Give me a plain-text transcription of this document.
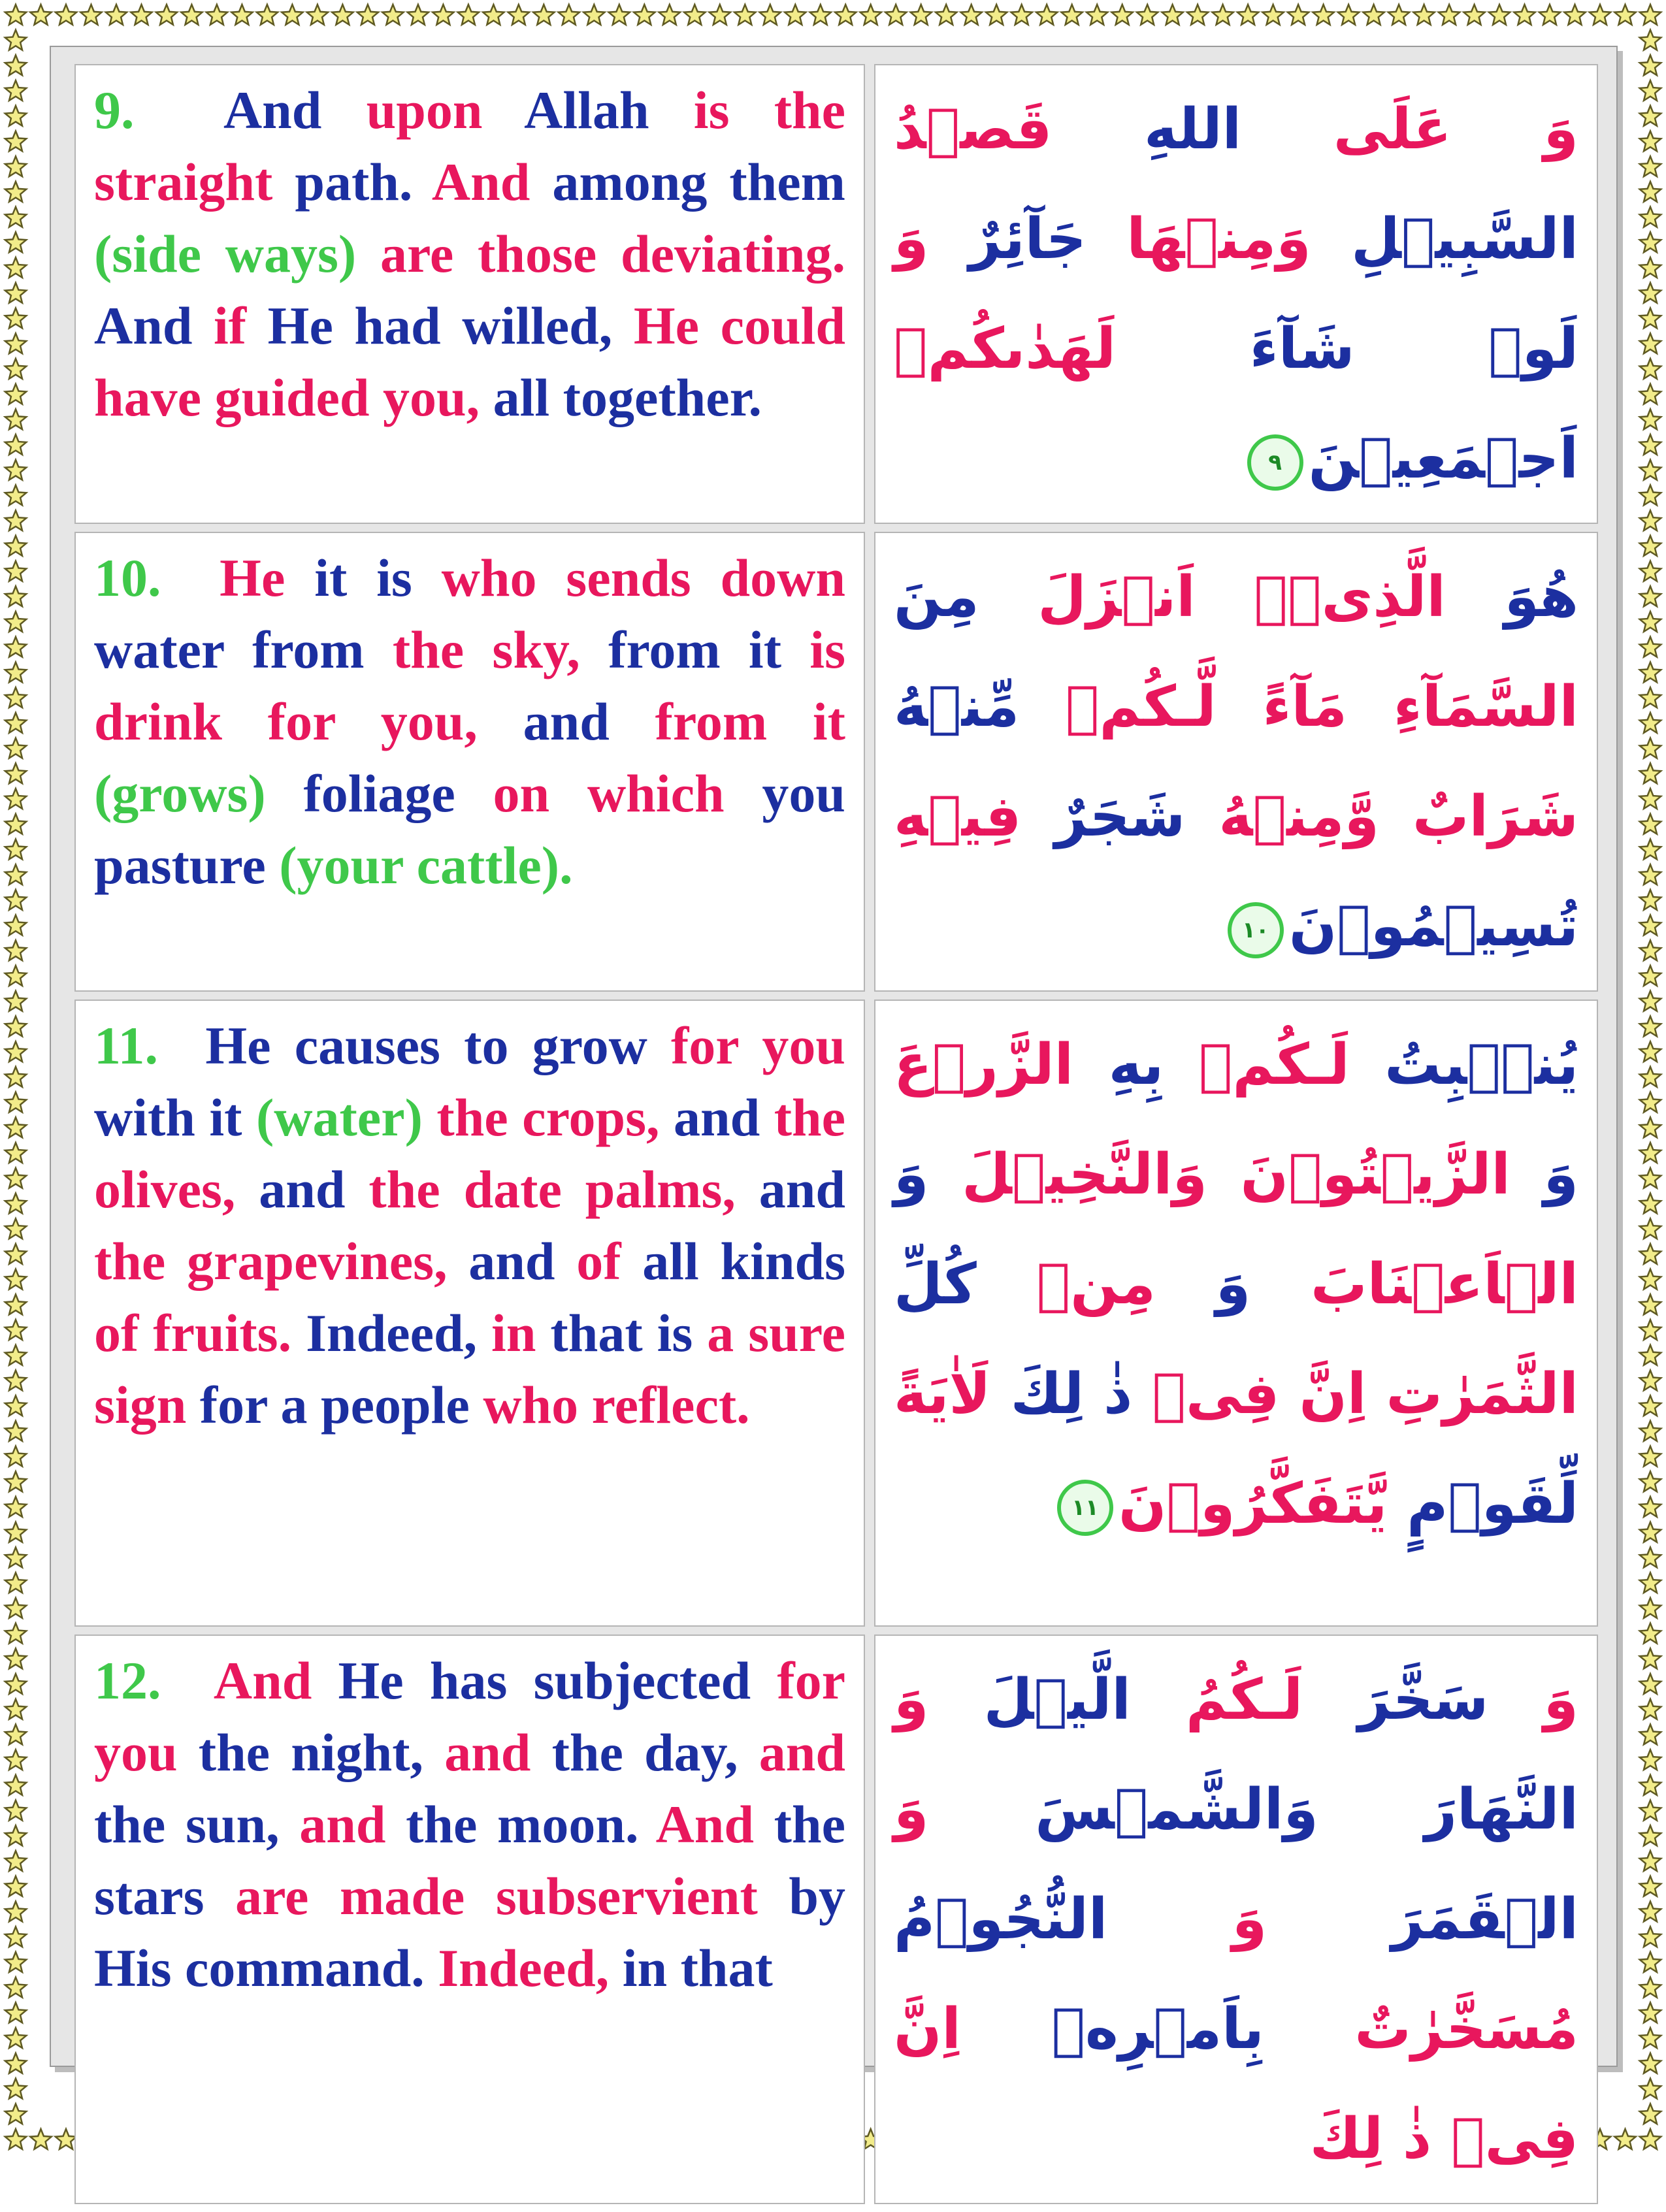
9.  And upon Allah is the straight path. And among them (side ways) are those deviating. And if He had willed, He could have guided you, all together.	وَ عَلَى اللهِ قَصۡدُ السَّبِيۡلِ وَمِنۡهَا جَآئِرٌ وَ لَوۡ شَآءَ لَهَدٰىكُمۡ اَجۡمَعِيۡنَ٩
10.  He it is who sends down water from the sky, from it is drink for you, and from it (grows) foliage on which you pasture (your cattle).	هُوَ الَّذِىۡۤ اَنۡزَلَ مِنَ السَّمَآءِ مَآءً لَّـكُمۡ مِّنۡهُ شَرَابٌ وَّمِنۡهُ شَجَرٌ فِيۡهِ تُسِيۡمُوۡنَ١٠
11.  He causes to grow for you with it (water) the crops, and the olives, and the date palms, and the grapevines, and of all kinds of fruits. Indeed, in that is a sure sign for a people who reflect.	يُنۡۢبِتُ لَـكُمۡ بِهِ الزَّرۡعَ وَ الزَّيۡتُوۡنَ وَالنَّخِيۡلَ وَ الۡاَعۡنَابَ وَ مِنۡ كُلِّ الثَّمَرٰتِ اِنَّ فِىۡ ذٰ لِكَ لَاٰيَةً لِّقَوۡمٍ يَّتَفَكَّرُوۡنَ١١
12.  And He has subjected for you the night, and the day, and the sun, and the moon. And the stars are made subservient by His command. Indeed, in that	وَ سَخَّرَ لَـكُمُ الَّيۡلَ وَ النَّهَارَ وَالشَّمۡسَ وَ الۡقَمَرَ وَ النُّجُوۡمُ مُسَخَّرٰتٌ بِاَمۡرِهٖ اِنَّ فِىۡ ذٰ لِكَ
